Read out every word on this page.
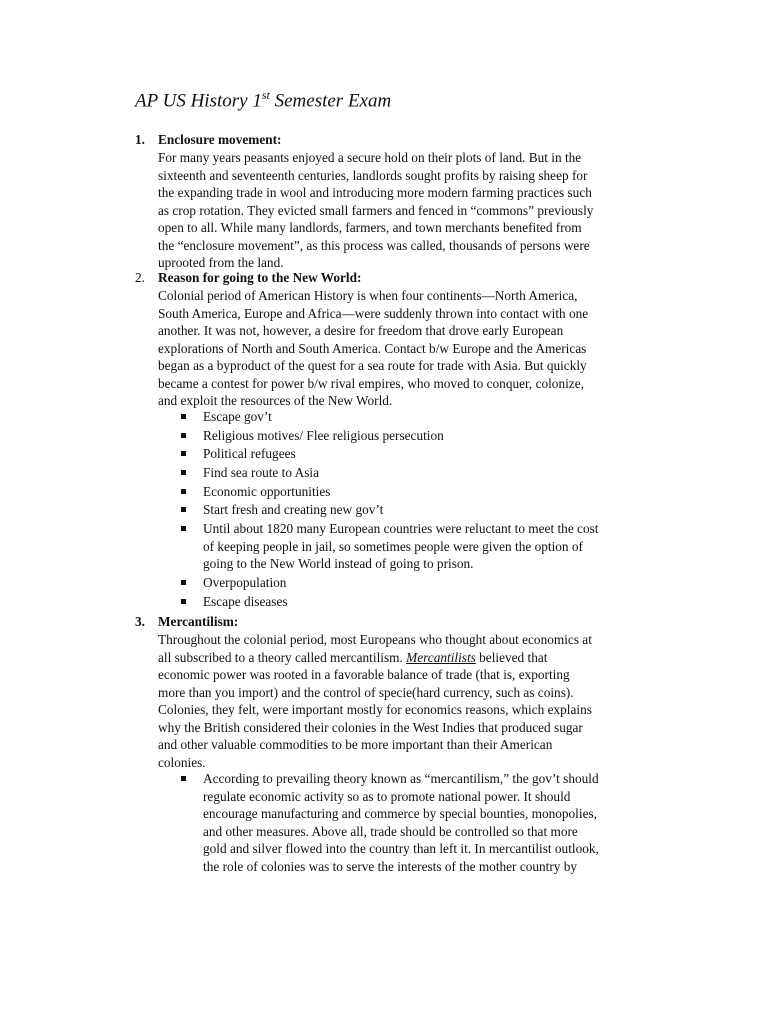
AP US History 1st Semester Exam
1. Enclosure movement:
For many years peasants enjoyed a secure hold on their plots of land. But in the
sixteenth and seventeenth centuries, landlords sought profits by raising sheep for
the expanding trade in wool and introducing more modern farming practices such
as crop rotation. They evicted small farmers and fenced in “commons” previously
open to all. While many landlords, farmers, and town merchants benefited from
the “enclosure movement”, as this process was called, thousands of persons were
uprooted from the land.
2. Reason for going to the New World:
Colonial period of American History is when four continents—North America,
South America, Europe and Africa—were suddenly thrown into contact with one
another. It was not, however, a desire for freedom that drove early European
explorations of North and South America. Contact b/w Europe and the Americas
began as a byproduct of the quest for a sea route for trade with Asia. But quickly
became a contest for power b/w rival empires, who moved to conquer, colonize,
and exploit the resources of the New World.
Escape gov’t
Religious motives/ Flee religious persecution
Political refugees
Find sea route to Asia
Economic opportunities
Start fresh and creating new gov’t
Until about 1820 many European countries were reluctant to meet the cost
of keeping people in jail, so sometimes people were given the option of
going to the New World instead of going to prison.
Overpopulation
Escape diseases
3. Mercantilism:
Throughout the colonial period, most Europeans who thought about economics at
all subscribed to a theory called mercantilism. Mercantilists believed that
economic power was rooted in a favorable balance of trade (that is, exporting
more than you import) and the control of specie(hard currency, such as coins).
Colonies, they felt, were important mostly for economics reasons, which explains
why the British considered their colonies in the West Indies that produced sugar
and other valuable commodities to be more important than their American
colonies.
According to prevailing theory known as “mercantilism,” the gov’t should
regulate economic activity so as to promote national power. It should
encourage manufacturing and commerce by special bounties, monopolies,
and other measures. Above all, trade should be controlled so that more
gold and silver flowed into the country than left it. In mercantilist outlook,
the role of colonies was to serve the interests of the mother country by
